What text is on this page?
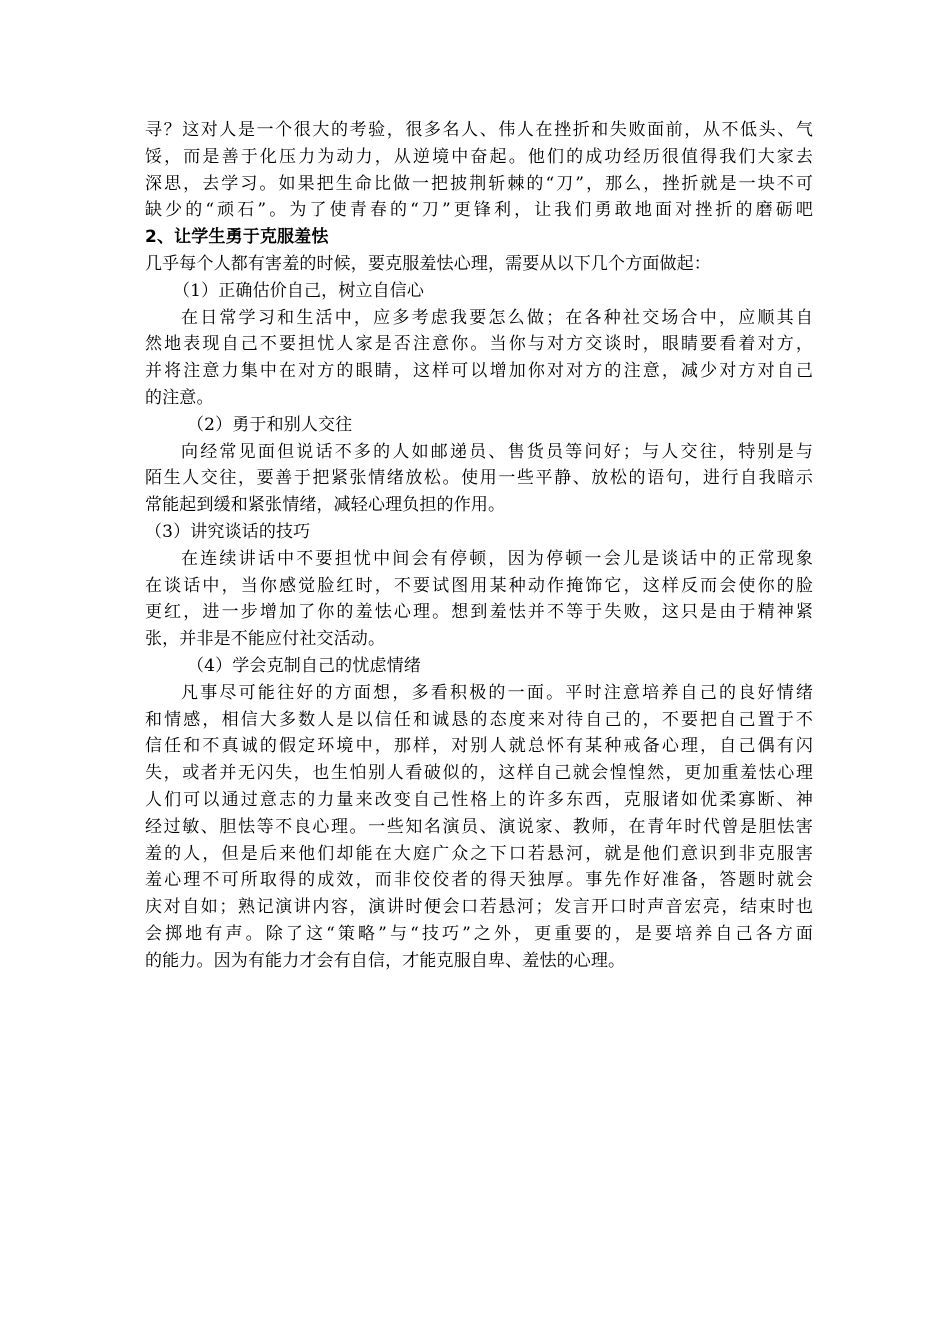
寻？这对人是一个很大的考验，很多名人、伟人在挫折和失败面前，从不低头、气
馁，而是善于化压力为动力，从逆境中奋起。他们的成功经历很值得我们大家去
深思，去学习。如果把生命比做一把披荆斩棘的“刀”，那么，挫折就是一块不可
缺少的“顽石”。为了使青春的“刀”更锋利，让我们勇敢地面对挫折的磨砺吧
2、让学生勇于克服羞怯
几乎每个人都有害羞的时候，要克服羞怯心理，需要从以下几个方面做起：
（1）正确估价自己，树立自信心
在日常学习和生活中，应多考虑我要怎么做；在各种社交场合中，应顺其自
然地表现自己不要担忧人家是否注意你。当你与对方交谈时，眼睛要看着对方，
并将注意力集中在对方的眼睛，这样可以增加你对对方的注意，减少对方对自己
的注意。
（2）勇于和别人交往
向经常见面但说话不多的人如邮递员、售货员等问好；与人交往，特别是与
陌生人交往，要善于把紧张情绪放松。使用一些平静、放松的语句，进行自我暗示
常能起到缓和紧张情绪，减轻心理负担的作用。
（3）讲究谈话的技巧
在连续讲话中不要担忧中间会有停顿，因为停顿一会儿是谈话中的正常现象
在谈话中，当你感觉脸红时，不要试图用某种动作掩饰它，这样反而会使你的脸
更红，进一步增加了你的羞怯心理。想到羞怯并不等于失败，这只是由于精神紧
张，并非是不能应付社交活动。
（4）学会克制自己的忧虑情绪
凡事尽可能往好的方面想，多看积极的一面。平时注意培养自己的良好情绪
和情感，相信大多数人是以信任和诚恳的态度来对待自己的，不要把自己置于不
信任和不真诚的假定环境中，那样，对别人就总怀有某种戒备心理，自己偶有闪
失，或者并无闪失，也生怕别人看破似的，这样自己就会惶惶然，更加重羞怯心理
人们可以通过意志的力量来改变自己性格上的许多东西，克服诸如优柔寡断、神
经过敏、胆怯等不良心理。一些知名演员、演说家、教师，在青年时代曾是胆怯害
羞的人，但是后来他们却能在大庭广众之下口若悬河，就是他们意识到非克服害
羞心理不可所取得的成效，而非佼佼者的得天独厚。事先作好准备，答题时就会
庆对自如；熟记演讲内容，演讲时便会口若悬河；发言开口时声音宏亮，结束时也
会掷地有声。除了这“策略”与“技巧”之外，更重要的，是要培养自己各方面
的能力。因为有能力才会有自信，才能克服自卑、羞怯的心理。
